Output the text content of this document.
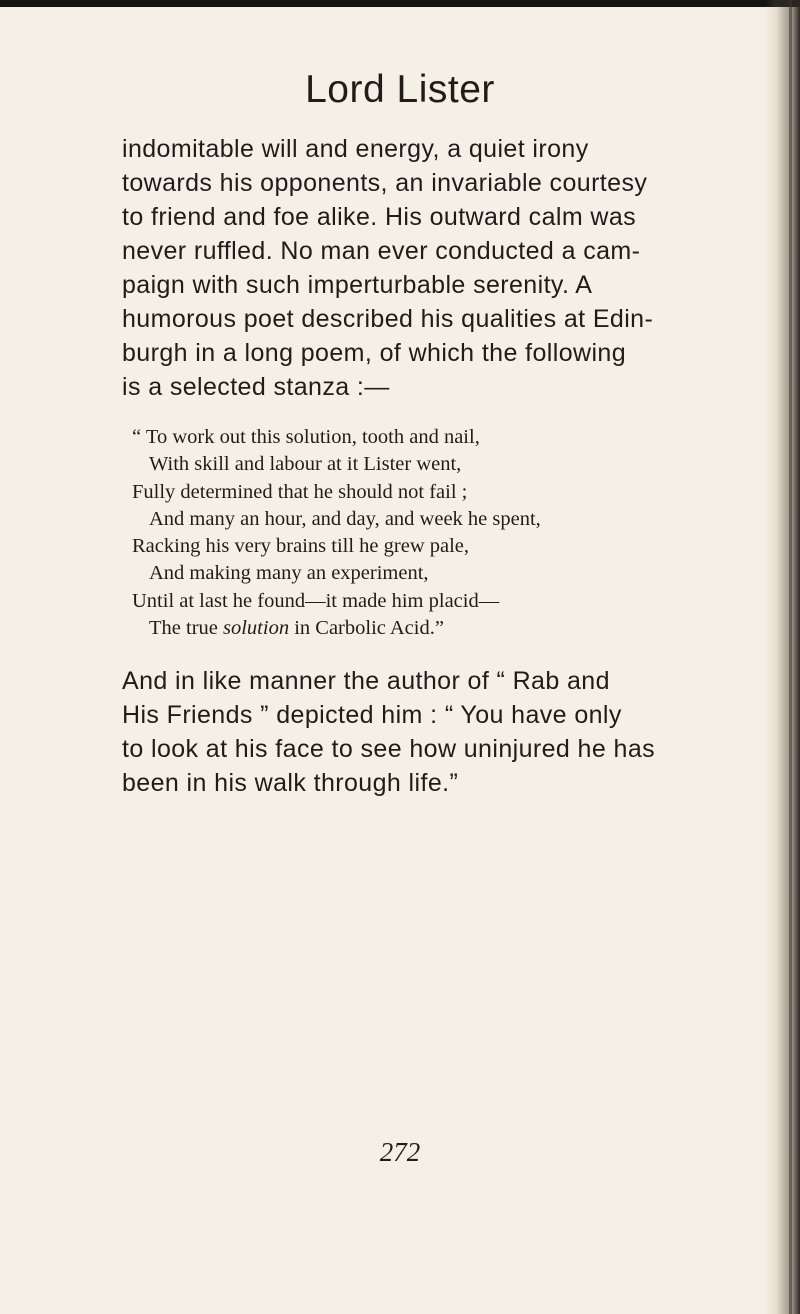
Lord Lister
indomitable will and energy, a quiet irony
towards his opponents, an invariable courtesy
to friend and foe alike. His outward calm was
never ruffled. No man ever conducted a cam-
paign with such imperturbable serenity. A
humorous poet described his qualities at Edin-
burgh in a long poem, of which the following
is a selected stanza :—
“ To work out this solution, tooth and nail,
With skill and labour at it Lister went,
Fully determined that he should not fail ;
And many an hour, and day, and week he spent,
Racking his very brains till he grew pale,
And making many an experiment,
Until at last he found—it made him placid—
The true solution in Carbolic Acid.”
And in like manner the author of “ Rab and
His Friends ” depicted him : “ You have only
to look at his face to see how uninjured he has
been in his walk through life.”
272
